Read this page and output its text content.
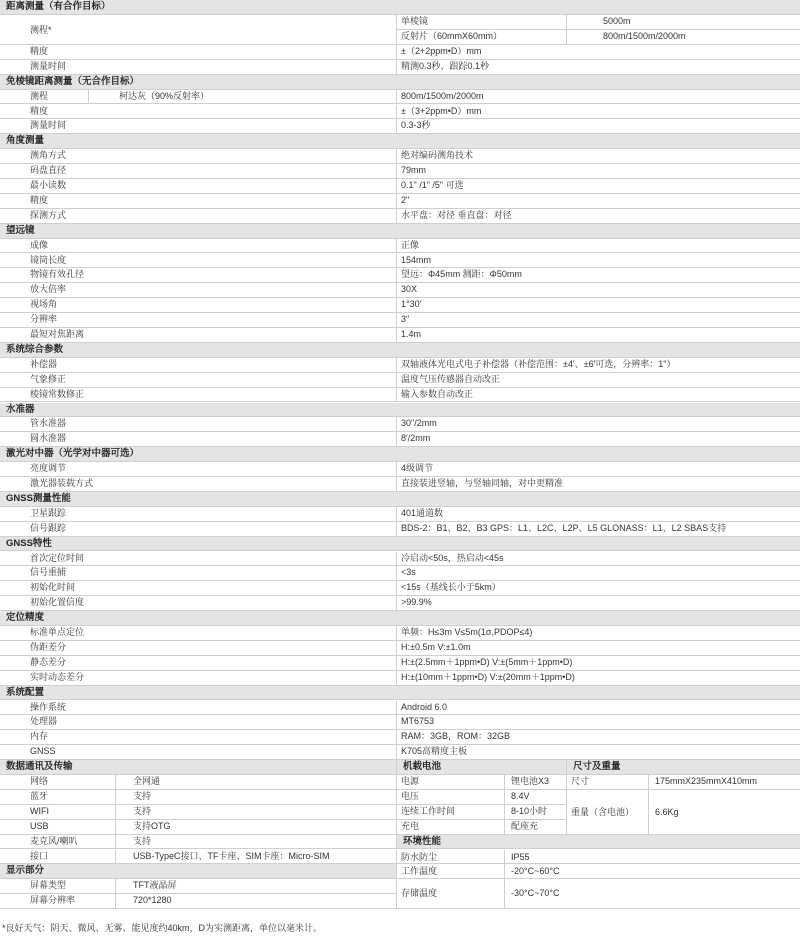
距离测量（有合作目标）
测程*
单棱镜	5000m
反射片（60mmX60mm）	800m/1500m/2000m
精度	±（2+2ppm•D）mm
测量时间	精测0.3秒、跟踪0.1秒
免棱镜距离测量（无合作目标）
测程	柯达灰（90%反射率）	800m/1500m/2000m
精度	±（3+2ppm•D）mm
测量时间	0.3-3秒
角度测量
测角方式	绝对编码测角技术
码盘直径	79mm
最小读数	0.1" /1" /5" 可选
精度	2"
探测方式	水平盘：对径 垂直盘：对径
望远镜
成像	正像
镜筒长度	154mm
物镜有效孔径	望远：Φ45mm 测距：Φ50mm
放大倍率	30X
视场角	1°30′
分辨率	3"
最短对焦距离	1.4m
系统综合参数
补偿器	双轴液体光电式电子补偿器（补偿范围：±4′、±6′可选，分辨率：1"）
气象修正	温度气压传感器自动改正
棱镜常数修正	输入参数自动改正
水准器
管水准器	30"/2mm
圆水准器	8′/2mm
激光对中器（光学对中器可选）
亮度调节	4级调节
激光器装载方式	直接装进竖轴，与竖轴同轴，对中更精准
GNSS测量性能
卫星跟踪	401通道数
信号跟踪	BDS-2：B1、B2、B3 GPS：L1、L2C、L2P、L5 GLONASS：L1、L2 SBAS支持
GNSS特性
首次定位时间	冷启动<50s，热启动<45s
信号重捕	<3s
初始化时间	<15s（基线长小于5km）
初始化置信度	>99.9%
定位精度
标准单点定位	单频：H≤3m V≤5m(1σ,PDOP≤4)
伪距差分	H:±0.5m V:±1.0m
静态差分	H:±(2.5mm＋1ppm•D) V:±(5mm＋1ppm•D)
实时动态差分	H:±(10mm＋1ppm•D) V:±(20mm＋1ppm•D)
系统配置
操作系统	Android 6.0
处理器	MT6753
内存	RAM：3GB，ROM：32GB
GNSS	K705高精度主板
数据通讯及传输
网络	全网通
蓝牙	支持
WIFI	支持
USB	支持OTG
麦克风/喇叭	支持
接口	USB-TypeC接口、TF卡座、SIM卡座：Micro-SIM
显示部分
屏幕类型	TFT液晶屏
屏幕分辨率	720*1280
机载电池
电源	锂电池X3
电压	8.4V
连续工作时间	8-10小时
充电	配座充
环境性能
防水防尘	IP55
工作温度	-20°C~60°C
存储温度	-30°C~70°C
尺寸及重量
尺寸	175mmX235mmX410mm
重量（含电池）	6.6Kg
*良好天气：阴天、微风、无雾、能见度约40km，D为实测距离，单位以毫米计。
